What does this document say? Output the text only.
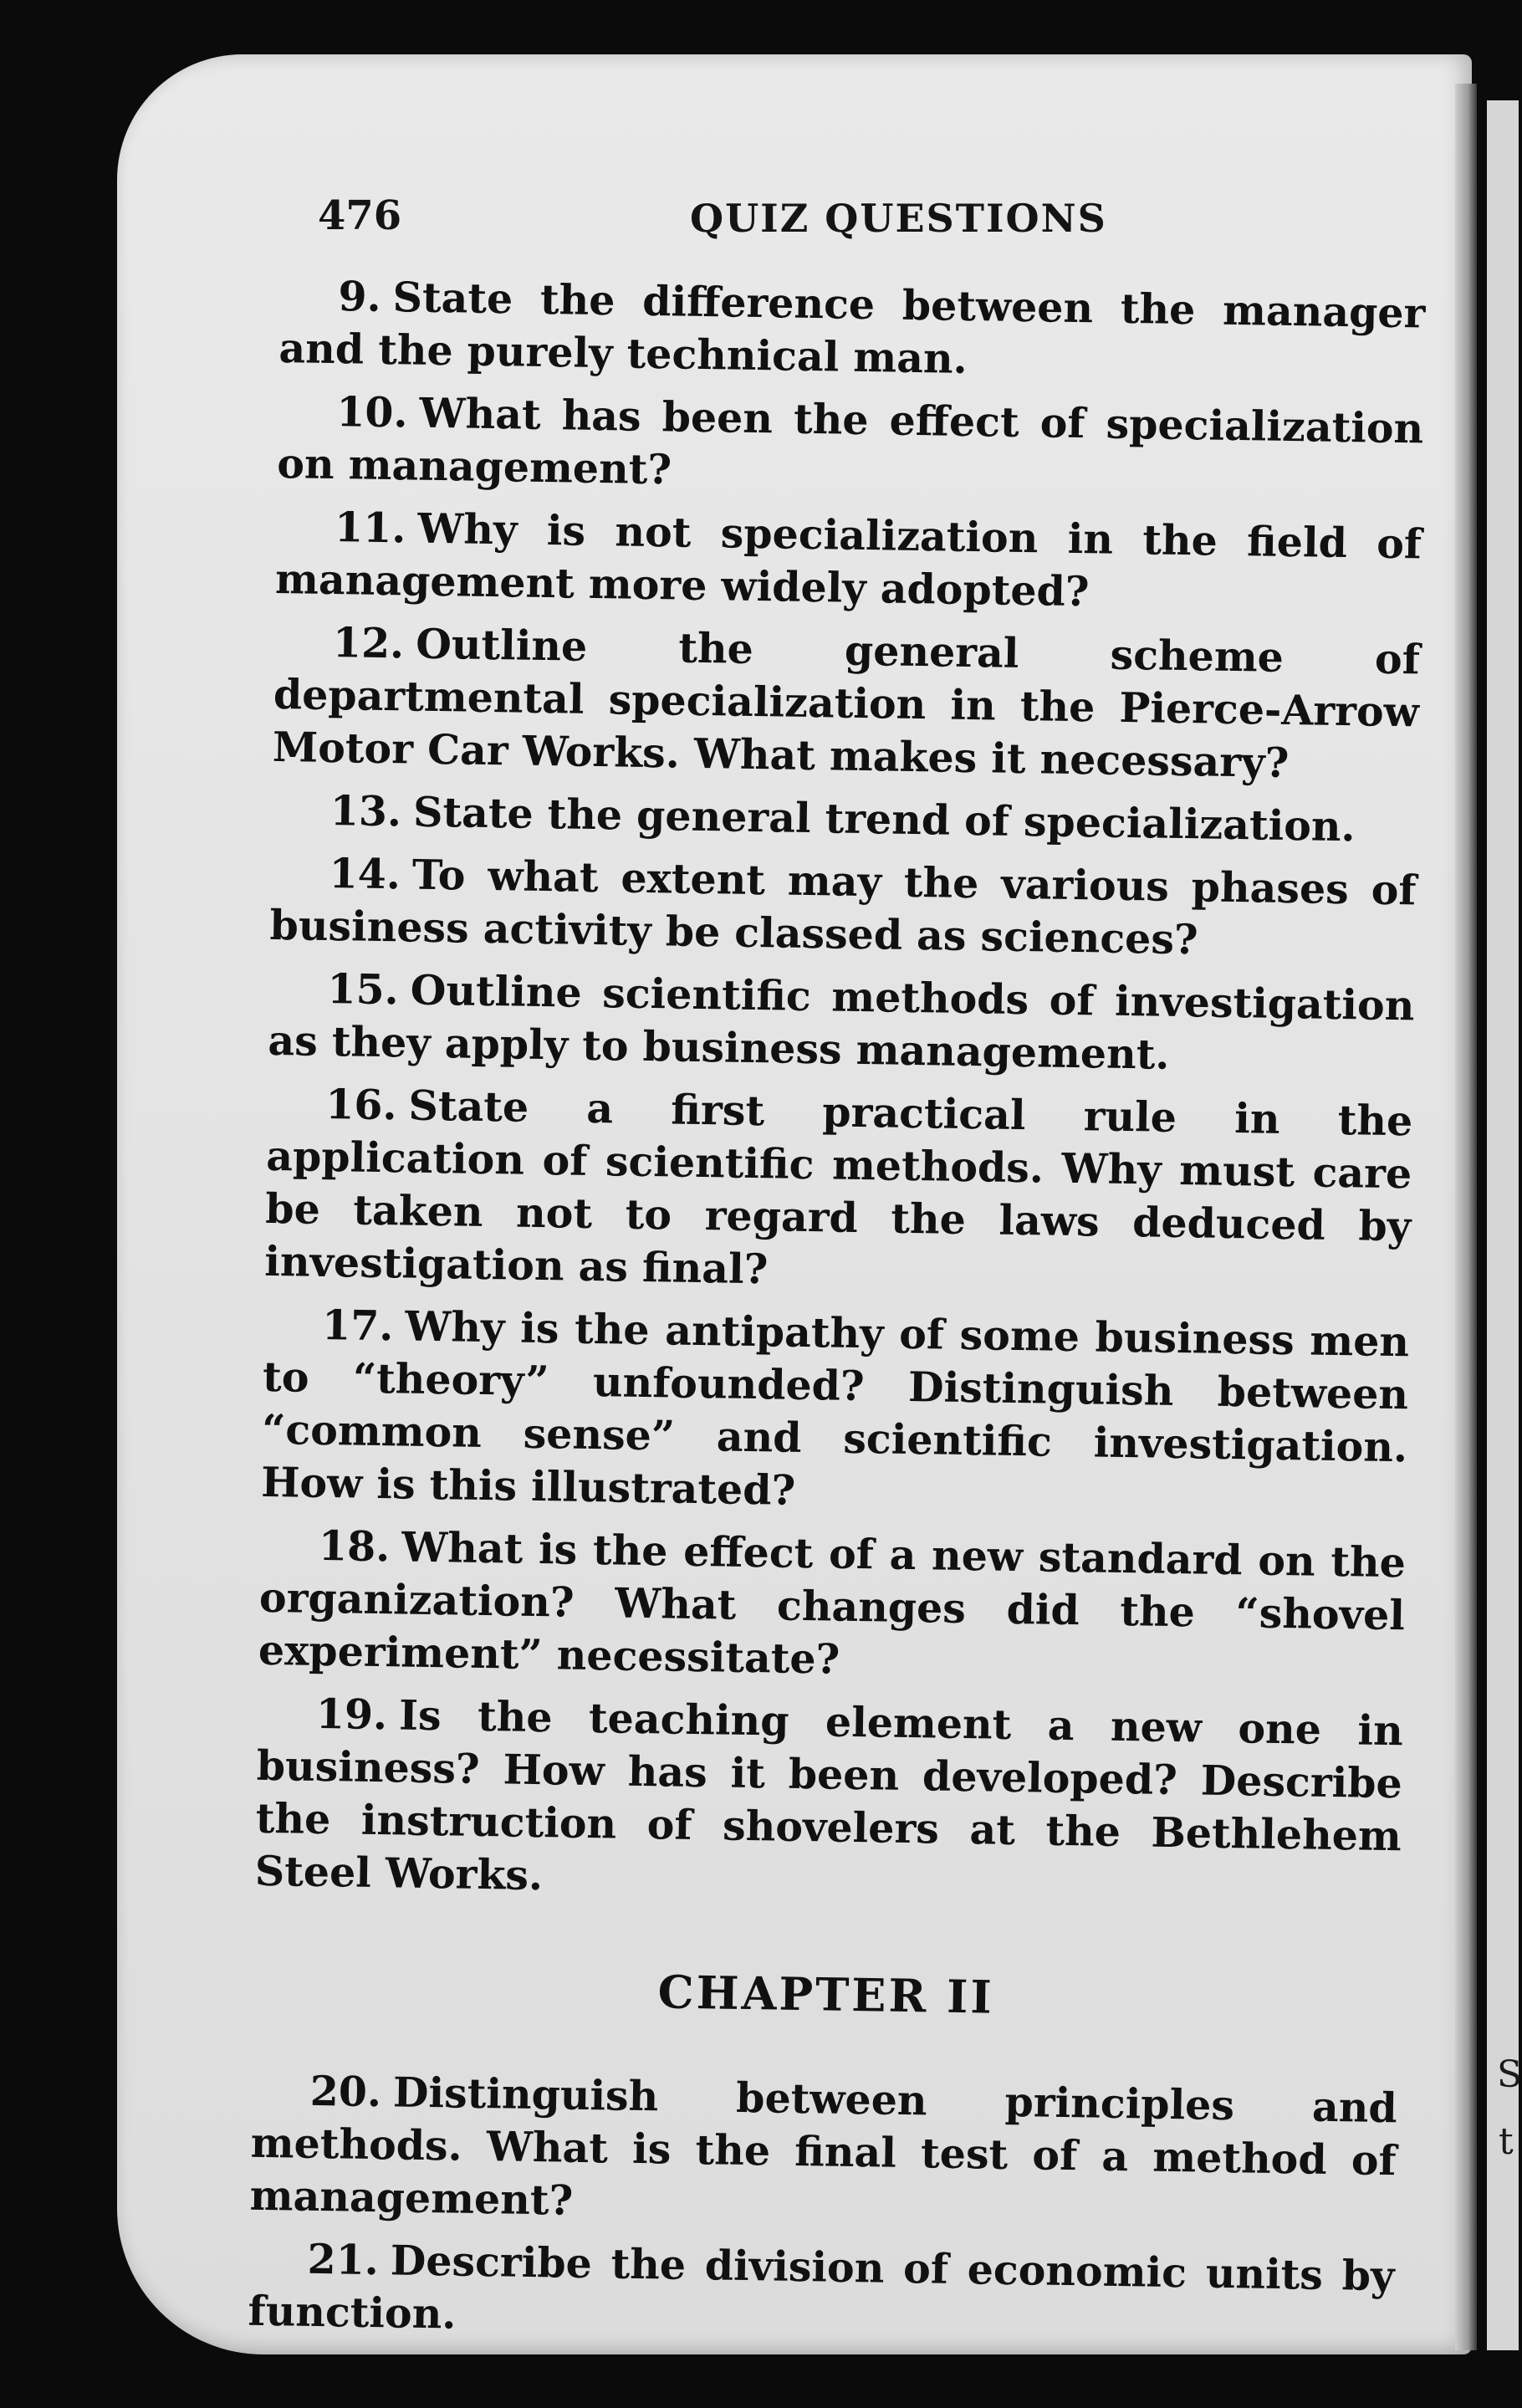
S
t
476	QUIZ QUESTIONS

9. State the difference between the manager and the purely technical man.

10. What has been the effect of specialization on management?

11. Why is not specialization in the field of management more widely adopted?

12. Outline the general scheme of departmental specialization in the Pierce-Arrow Motor Car Works. What makes it necessary?

13. State the general trend of specialization.

14. To what extent may the various phases of business activity be classed as sciences?

15. Outline scientific methods of investigation as they apply to business management.

16. State a first practical rule in the application of scientific methods. Why must care be taken not to regard the laws deduced by investigation as final?

17. Why is the antipathy of some business men to “theory” unfounded? Distinguish between “common sense” and scientific investigation. How is this illustrated?

18. What is the effect of a new standard on the organization? What changes did the “shovel experiment” necessitate?

19. Is the teaching element a new one in business? How has it been developed? Describe the instruction of shovelers at the Bethlehem Steel Works.

CHAPTER II

20. Distinguish between principles and methods. What is the final test of a method of management?

21. Describe the division of economic units by function.
